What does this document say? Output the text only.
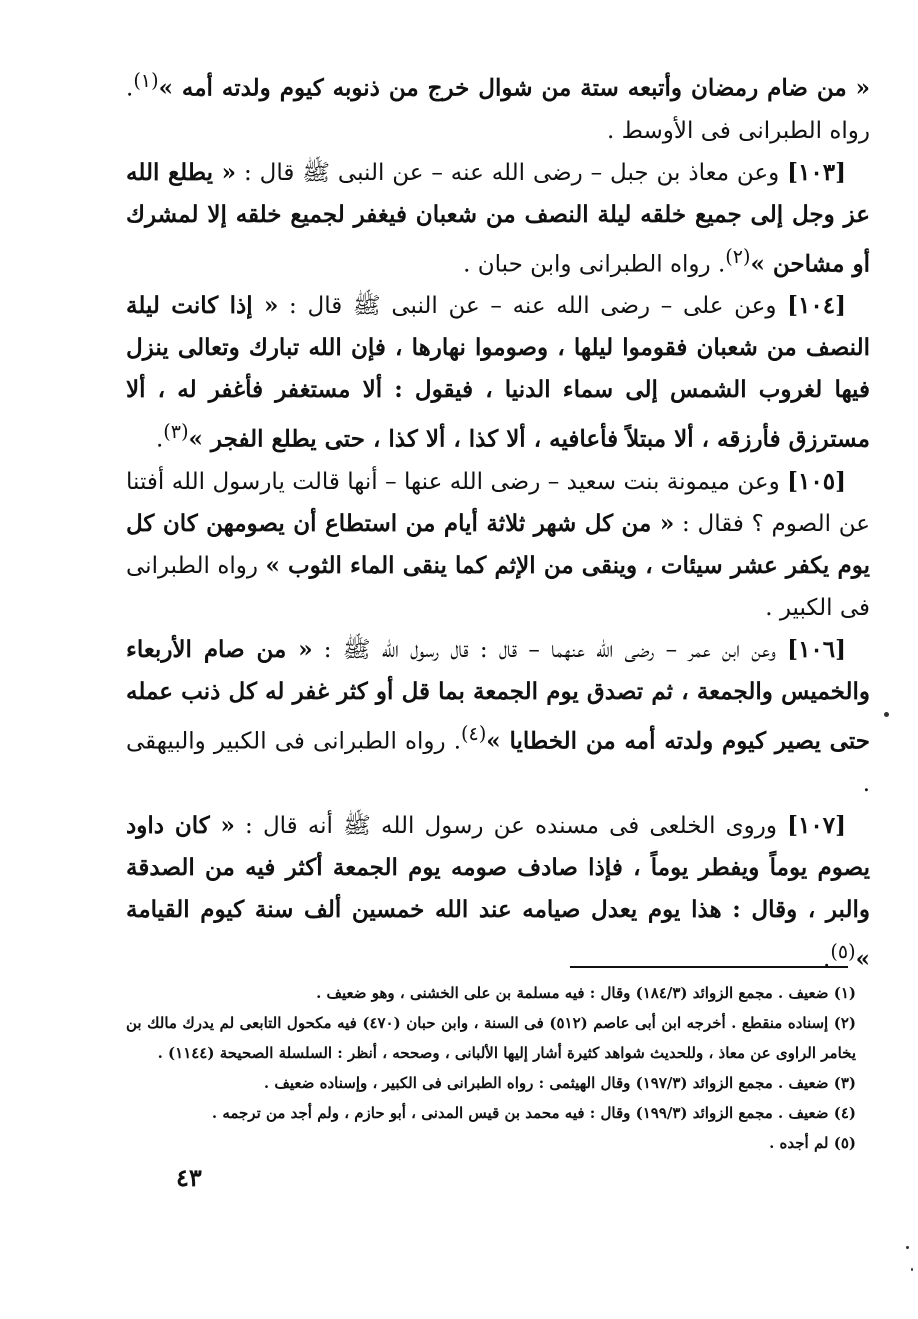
« من ضام رمضان وأتبعه ستة من شوال خرج من ذنوبه كيوم ولدته أمه »$^{(١)}$. رواه الطبرانى فى الأوسط .

[١٠٣] وعن معاذ بن جبل – رضى الله عنه – عن النبى ﷺ قال : « يطلع الله عز وجل إلى جميع خلقه ليلة النصف من شعبان فيغفر لجميع خلقه إلا لمشرك أو مشاحن »$^{(٢)}$. رواه الطبرانى وابن حبان .

[١٠٤] وعن على – رضى الله عنه – عن النبى ﷺ قال : « إذا كانت ليلة النصف من شعبان فقوموا ليلها ، وصوموا نهارها ، فإن الله تبارك وتعالى ينزل فيها لغروب الشمس إلى سماء الدنيا ، فيقول : ألا مستغفر فأغفر له ، ألا مسترزق فأرزقه ، ألا مبتلاً فأعافيه ، ألا كذا ، ألا كذا ، حتى يطلع الفجر »$^{(٣)}$.

[١٠٥] وعن ميمونة بنت سعيد – رضى الله عنها – أنها قالت يارسول الله أفتنا عن الصوم ؟ فقال : « من كل شهر ثلاثة أيام من استطاع أن يصومهن كان كل يوم يكفر عشر سيئات ، وينقى من الإثم كما ينقى الماء الثوب » رواه الطبرانى فى الكبير .

[١٠٦] وعن ابن عمر – رضى الله عنهما – قال : قال رسول الله ﷺ : « من صام الأربعاء والخميس والجمعة ، ثم تصدق يوم الجمعة بما قل أو كثر غفر له كل ذنب عمله حتى يصير كيوم ولدته أمه من الخطايا »$^{(٤)}$. رواه الطبرانى فى الكبير والبيهقى .

[١٠٧] وروى الخلعى فى مسنده عن رسول الله ﷺ أنه قال : « كان داود يصوم يوماً ويفطر يوماً ، فإذا صادف صومه يوم الجمعة أكثر فيه من الصدقة والبر ، وقال : هذا يوم يعدل صيامه عند الله خمسين ألف سنة كيوم القيامة »$^{(٥)}$.

(١) ضعيف . مجمع الزوائد (١٨٤/٣) وقال : فيه مسلمة بن على الخشنى ، وهو ضعيف .

(٢) إسناده منقطع . أخرجه ابن أبى عاصم (٥١٢) فى السنة ، وابن حبان (٤٧٠) فيه مكحول التابعى لم يدرك مالك بن يخامر الراوى عن معاذ ، وللحديث شواهد كثيرة أشار إليها الألبانى ، وصححه ، أنظر : السلسلة الصحيحة (١١٤٤) .

(٣) ضعيف . مجمع الزوائد (١٩٧/٣) وقال الهيثمى : رواه الطبرانى فى الكبير ، وإسناده ضعيف .

(٤) ضعيف . مجمع الزوائد (١٩٩/٣) وقال : فيه محمد بن قيس المدنى ، أبو حازم ، ولم أجد من ترجمه .

(٥) لم أجده .

٤٣
